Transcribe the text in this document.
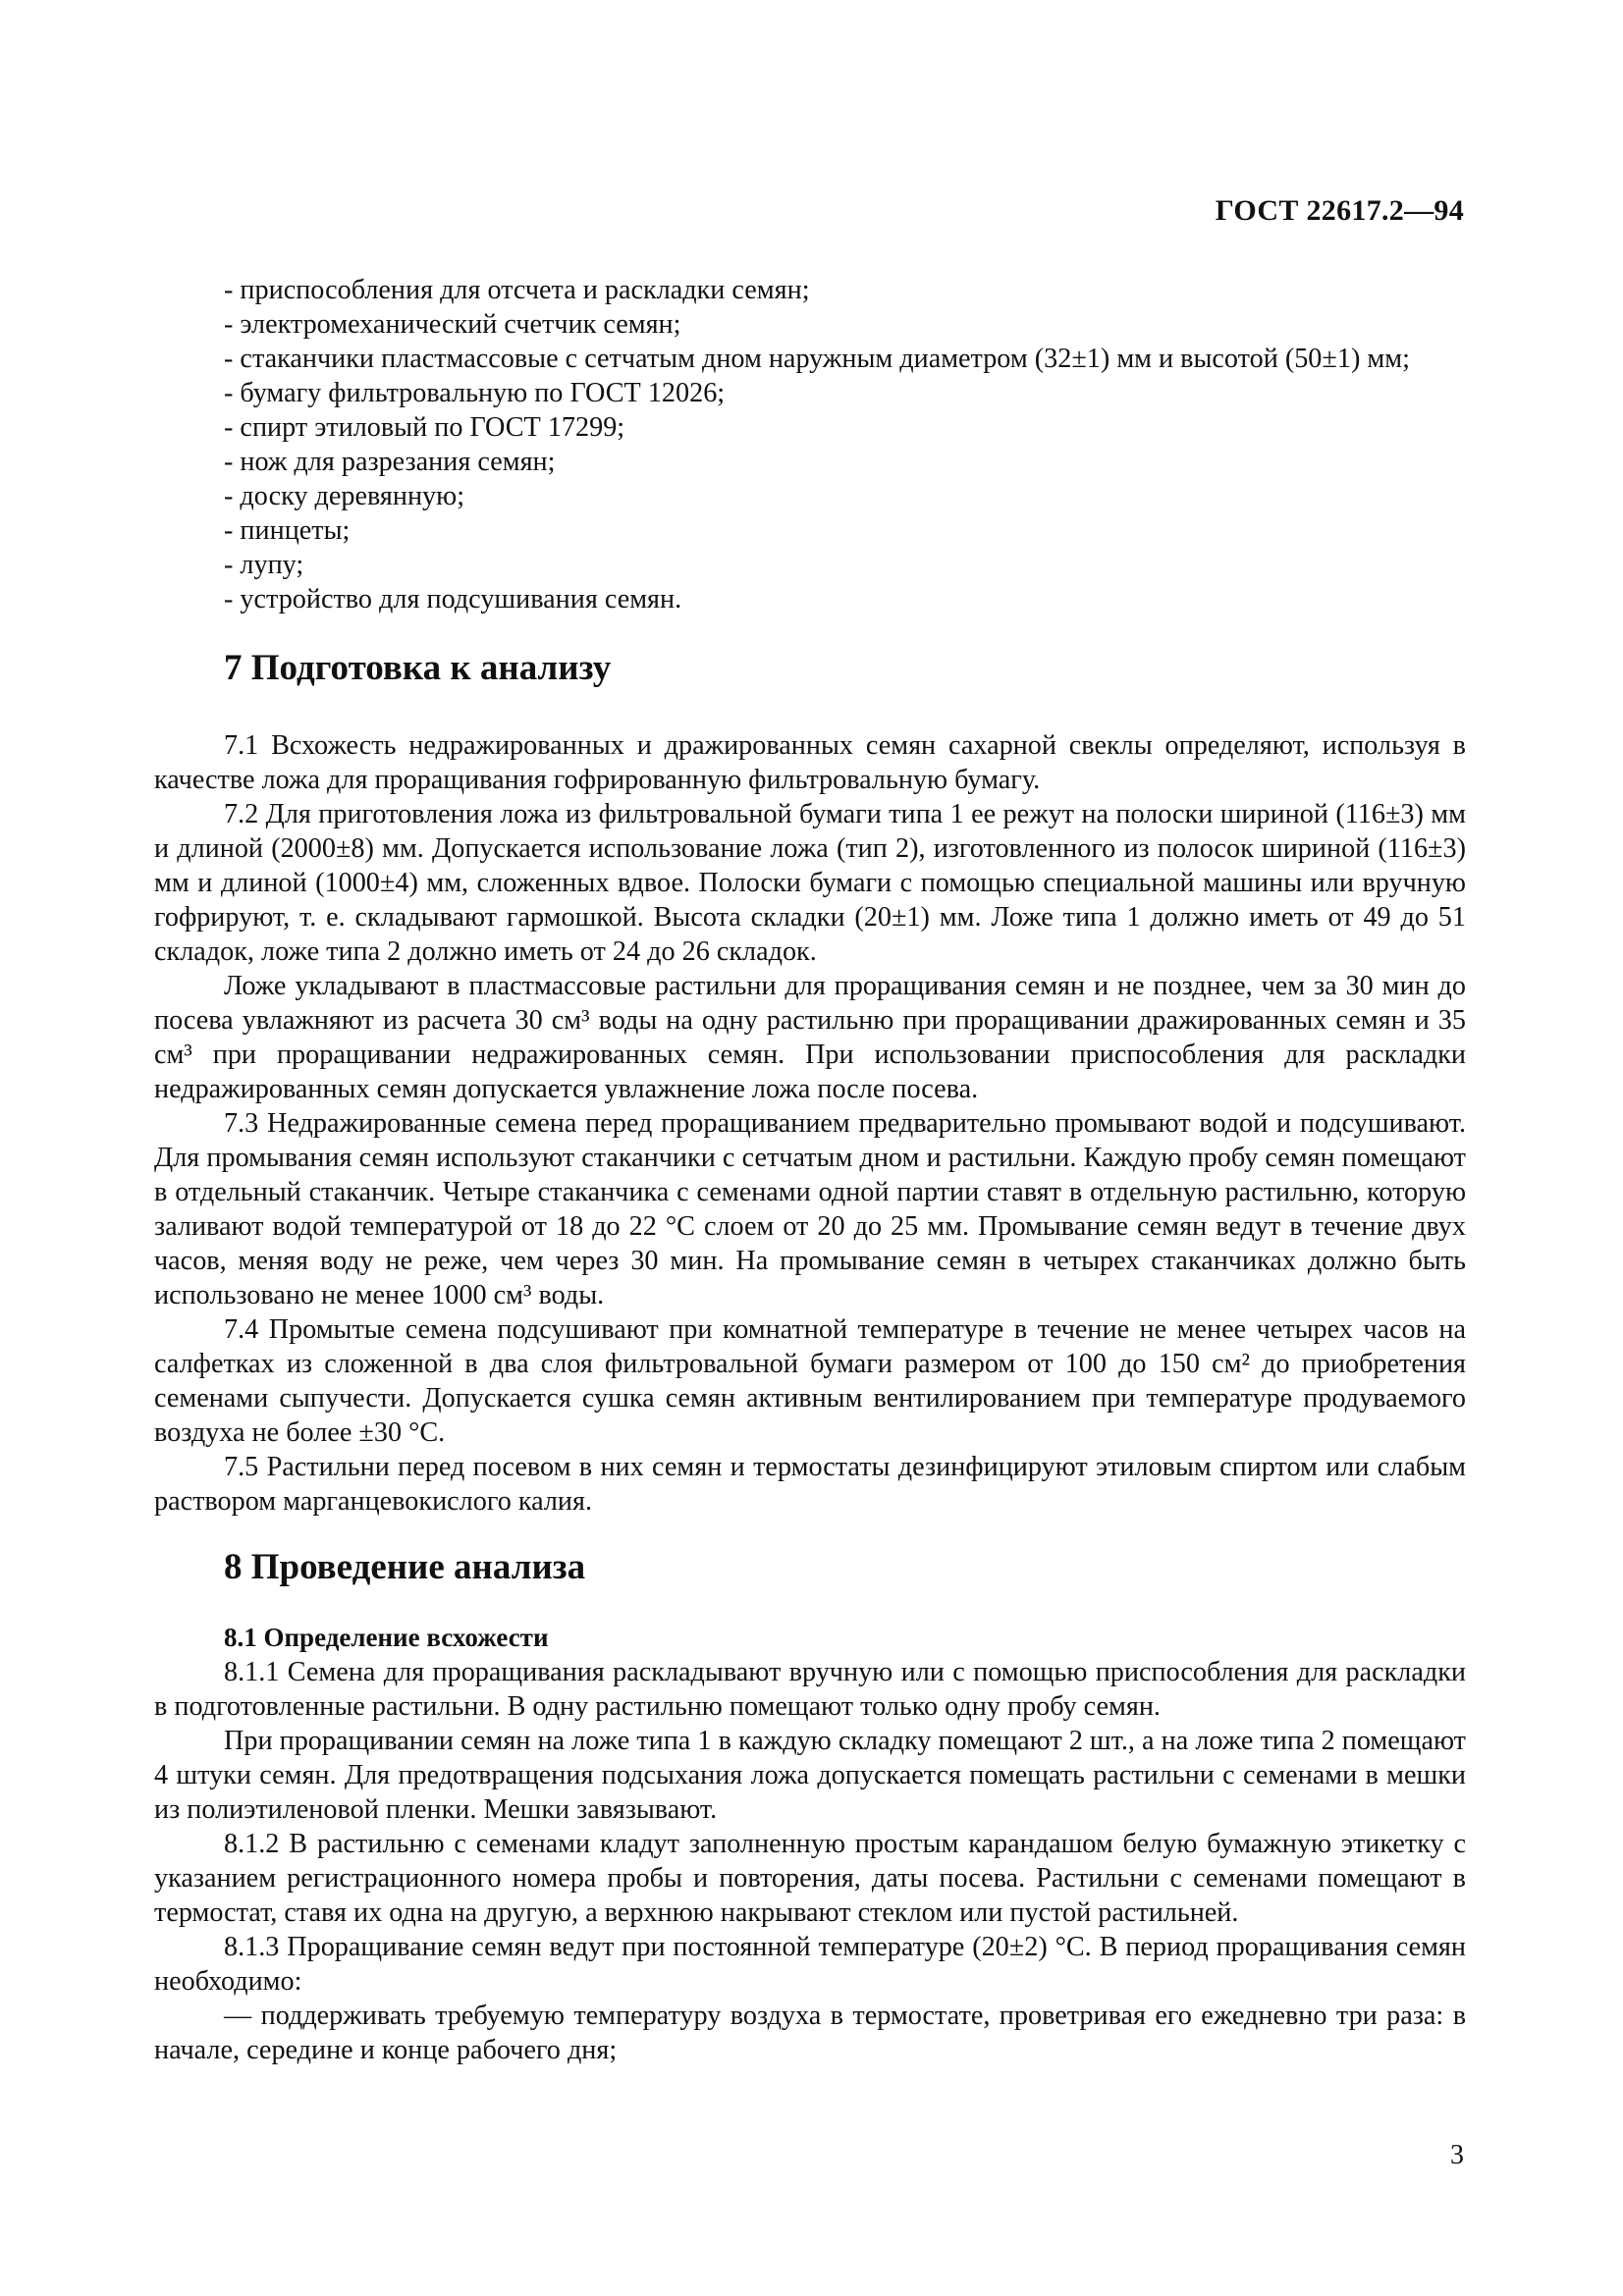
ГОСТ 22617.2—94

- приспособления для отсчета и раскладки семян;

- электромеханический счетчик семян;

- стаканчики пластмассовые с сетчатым дном наружным диаметром (32±1) мм и высотой (50±1) мм;

- бумагу фильтровальную по ГОСТ 12026;

- спирт этиловый по ГОСТ 17299;

- нож для разрезания семян;

- доску деревянную;

- пинцеты;

- лупу;

- устройство для подсушивания семян.

7 Подготовка к анализу

7.1 Всхожесть недражированных и дражированных семян сахарной свеклы определяют, используя в качестве ложа для проращивания гофрированную фильтровальную бумагу.

7.2 Для приготовления ложа из фильтровальной бумаги типа 1 ее режут на полоски шириной (116±3) мм и длиной (2000±8) мм. Допускается использование ложа (тип 2), изготовленного из полосок шириной (116±3) мм и длиной (1000±4) мм, сложенных вдвое. Полоски бумаги с помощью специальной машины или вручную гофрируют, т. е. складывают гармошкой. Высота складки (20±1) мм. Ложе типа 1 должно иметь от 49 до 51 складок, ложе типа 2 должно иметь от 24 до 26 складок.

Ложе укладывают в пластмассовые растильни для проращивания семян и не позднее, чем за 30 мин до посева увлажняют из расчета 30 см³ воды на одну растильню при проращивании дражированных семян и 35 см³ при проращивании недражированных семян. При использовании приспособления для раскладки недражированных семян допускается увлажнение ложа после посева.

7.3 Недражированные семена перед проращиванием предварительно промывают водой и подсушивают. Для промывания семян используют стаканчики с сетчатым дном и растильни. Каждую пробу семян помещают в отдельный стаканчик. Четыре стаканчика с семенами одной партии ставят в отдельную растильню, которую заливают водой температурой от 18 до 22 °С слоем от 20 до 25 мм. Промывание семян ведут в течение двух часов, меняя воду не реже, чем через 30 мин. На промывание семян в четырех стаканчиках должно быть использовано не менее 1000 см³ воды.

7.4 Промытые семена подсушивают при комнатной температуре в течение не менее четырех часов на салфетках из сложенной в два слоя фильтровальной бумаги размером от 100 до 150 см² до приобретения семенами сыпучести. Допускается сушка семян активным вентилированием при температуре продуваемого воздуха не более ±30 °С.

7.5 Растильни перед посевом в них семян и термостаты дезинфицируют этиловым спиртом или слабым раствором марганцевокислого калия.

8 Проведение анализа

8.1 Определение всхожести

8.1.1 Семена для проращивания раскладывают вручную или с помощью приспособления для раскладки в подготовленные растильни. В одну растильню помещают только одну пробу семян.

При проращивании семян на ложе типа 1 в каждую складку помещают 2 шт., а на ложе типа 2 помещают 4 штуки семян. Для предотвращения подсыхания ложа допускается помещать растильни с семенами в мешки из полиэтиленовой пленки. Мешки завязывают.

8.1.2 В растильню с семенами кладут заполненную простым карандашом белую бумажную этикетку с указанием регистрационного номера пробы и повторения, даты посева. Растильни с семенами помещают в термостат, ставя их одна на другую, а верхнюю накрывают стеклом или пустой растильней.

8.1.3 Проращивание семян ведут при постоянной температуре (20±2) °С. В период проращивания семян необходимо:

— поддерживать требуемую температуру воздуха в термостате, проветривая его ежедневно три раза: в начале, середине и конце рабочего дня;

3
